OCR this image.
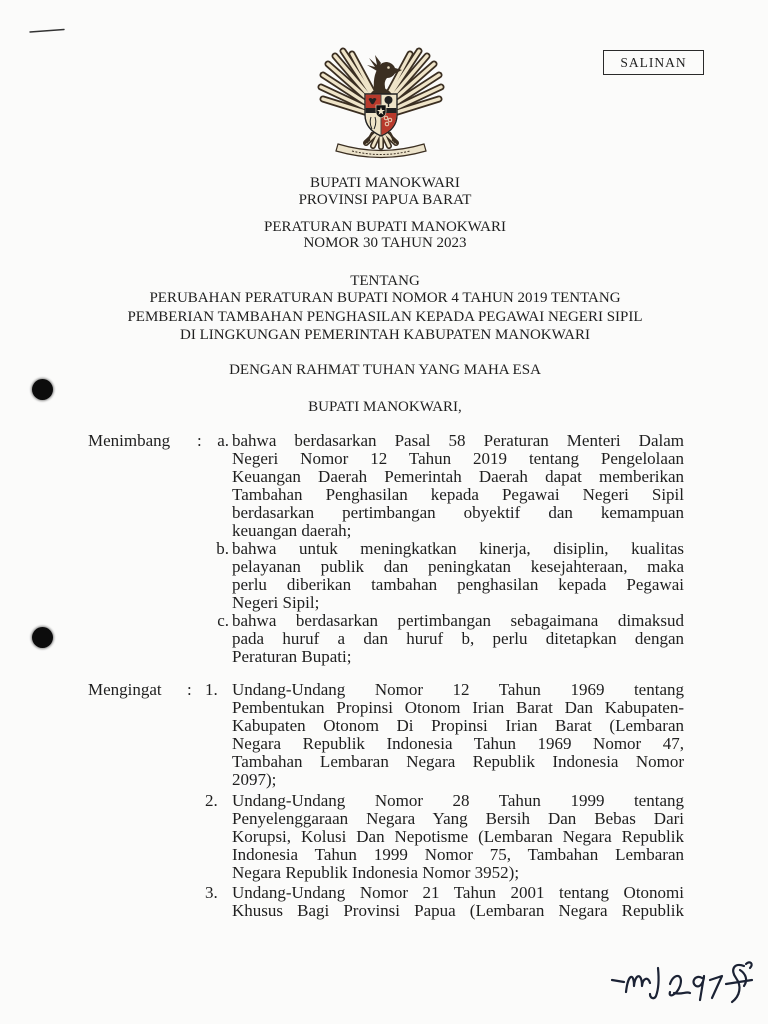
SALINAN
BUPATI MANOKWARI
PROVINSI PAPUA BARAT
PERATURAN BUPATI MANOKWARI
NOMOR 30 TAHUN 2023
TENTANG
PERUBAHAN PERATURAN BUPATI NOMOR 4 TAHUN 2019 TENTANG
PEMBERIAN TAMBAHAN PENGHASILAN KEPADA PEGAWAI NEGERI SIPIL
DI LINGKUNGAN PEMERINTAH KABUPATEN MANOKWARI
DENGAN RAHMAT TUHAN YANG MAHA ESA
BUPATI MANOKWARI,
Menimbang : a. bahwa berdasarkan Pasal 58 Peraturan Menteri Dalam
Negeri Nomor 12 Tahun 2019 tentang Pengelolaan
Keuangan Daerah Pemerintah Daerah dapat memberikan
Tambahan Penghasilan kepada Pegawai Negeri Sipil
berdasarkan pertimbangan obyektif dan kemampuan
keuangan daerah;
b. bahwa untuk meningkatkan kinerja, disiplin, kualitas
pelayanan publik dan peningkatan kesejahteraan, maka
perlu diberikan tambahan penghasilan kepada Pegawai
Negeri Sipil;
c. bahwa berdasarkan pertimbangan sebagaimana dimaksud
pada huruf a dan huruf b, perlu ditetapkan dengan
Peraturan Bupati;
Mengingat : 1. Undang-Undang Nomor 12 Tahun 1969 tentang
Pembentukan Propinsi Otonom Irian Barat Dan Kabupaten-
Kabupaten Otonom Di Propinsi Irian Barat (Lembaran
Negara Republik Indonesia Tahun 1969 Nomor 47,
Tambahan Lembaran Negara Republik Indonesia Nomor
2097);
2. Undang-Undang Nomor 28 Tahun 1999 tentang
Penyelenggaraan Negara Yang Bersih Dan Bebas Dari
Korupsi, Kolusi Dan Nepotisme (Lembaran Negara Republik
Indonesia Tahun 1999 Nomor 75, Tambahan Lembaran
Negara Republik Indonesia Nomor 3952);
3. Undang-Undang Nomor 21 Tahun 2001 tentang Otonomi
Khusus Bagi Provinsi Papua (Lembaran Negara Republik
